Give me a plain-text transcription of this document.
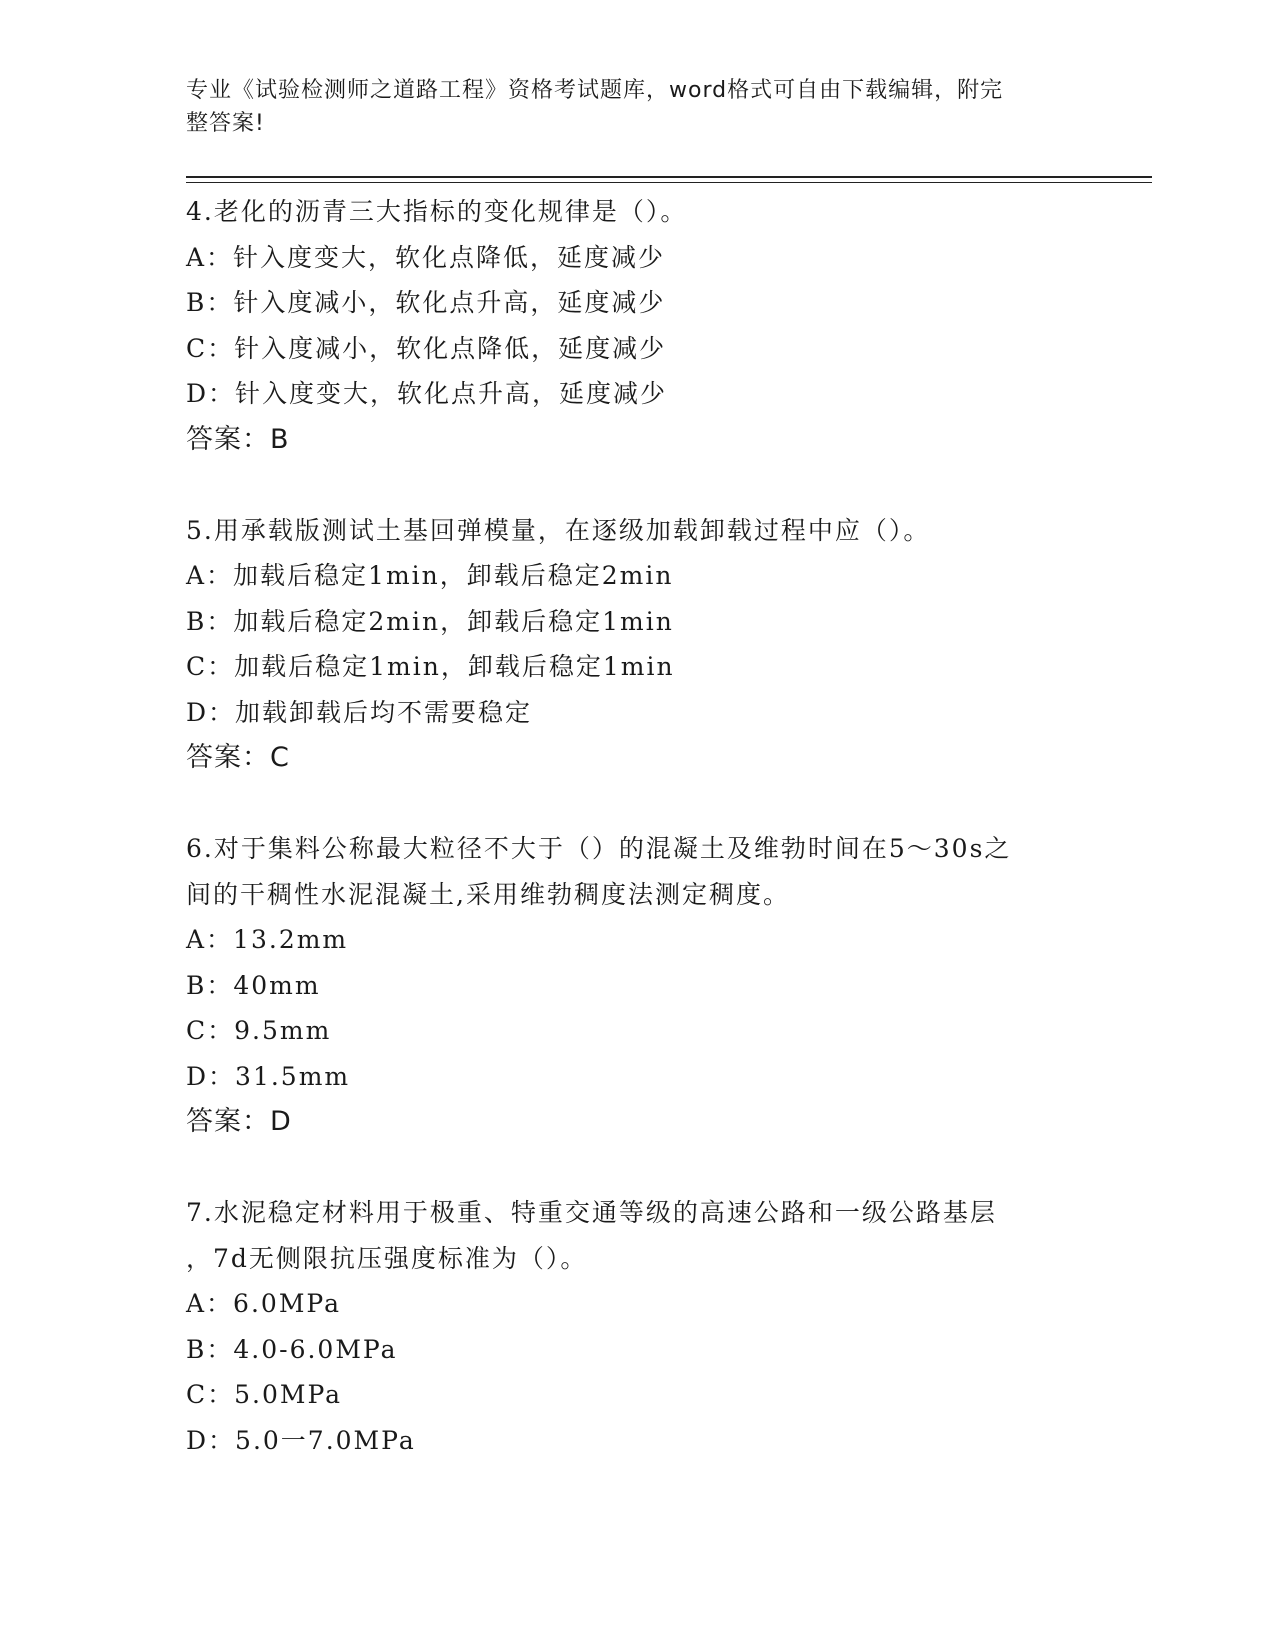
专业《试验检测师之道路工程》资格考试题库，word格式可自由下载编辑，附完
整答案!
4.老化的沥青三大指标的变化规律是（）。
A：针入度变大，软化点降低，延度减少
B：针入度减小，软化点升高，延度减少
C：针入度减小，软化点降低，延度减少
D：针入度变大，软化点升高，延度减少
答案：B
5.用承载版测试土基回弹模量，在逐级加载卸载过程中应（）。
A：加载后稳定1min，卸载后稳定2min
B：加载后稳定2min，卸载后稳定1min
C：加载后稳定1min，卸载后稳定1min
D：加载卸载后均不需要稳定
答案：C
6.对于集料公称最大粒径不大于（）的混凝土及维勃时间在5～30s之
间的干稠性水泥混凝土,采用维勃稠度法测定稠度。
A：13.2mm
B：40mm
C：9.5mm
D：31.5mm
答案：D
7.水泥稳定材料用于极重、特重交通等级的高速公路和一级公路基层
，7d无侧限抗压强度标准为（）。
A：6.0MPa
B：4.0-6.0MPa
C：5.0MPa
D：5.0一7.0MPa
